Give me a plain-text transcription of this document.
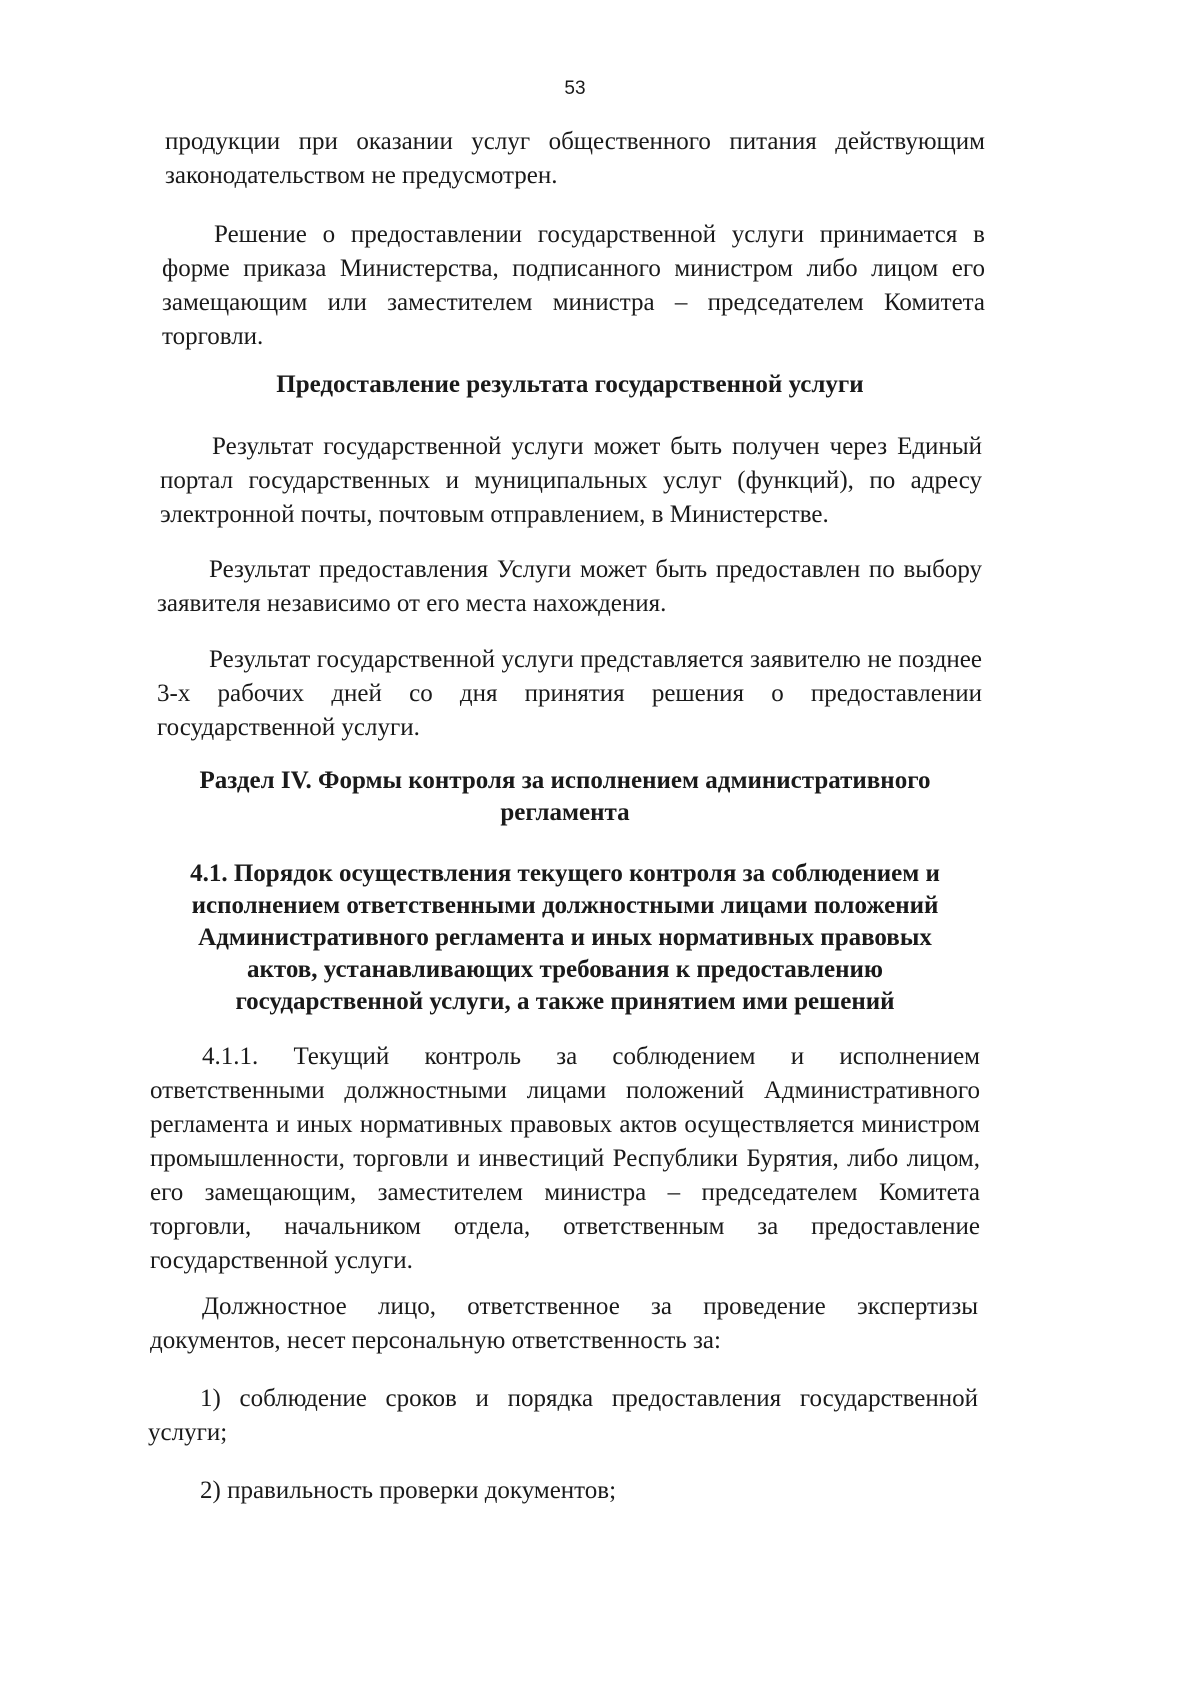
53

продукции при оказании услуг общественного питания действующим законодательством не предусмотрен.

Решение о предоставлении государственной услуги принимается в форме приказа Министерства, подписанного министром либо лицом его замещающим или заместителем министра – председателем Комитета торговли.

Предоставление результата государственной услуги

Результат государственной услуги может быть получен через Единый портал государственных и муниципальных услуг (функций), по адресу электронной почты, почтовым отправлением, в Министерстве.

Результат предоставления Услуги может быть предоставлен по выбору заявителя независимо от его места нахождения.

Результат государственной услуги представляется заявителю не позднее 3-х рабочих дней со дня принятия решения о предоставлении государственной услуги.

Раздел IV. Формы контроля за исполнением административного
регламента
4.1. Порядок осуществления текущего контроля за соблюдением и
исполнением ответственными должностными лицами положений
Административного регламента и иных нормативных правовых
актов, устанавливающих требования к предоставлению
государственной услуги, а также принятием ими решений

4.1.1. Текущий контроль за соблюдением и исполнением ответственными должностными лицами положений Административного регламента и иных нормативных правовых актов осуществляется министром промышленности, торговли и инвестиций Республики Бурятия, либо лицом, его замещающим, заместителем министра – председателем Комитета торговли, начальником отдела, ответственным за предоставление государственной услуги.

Должностное лицо, ответственное за проведение экспертизы документов, несет персональную ответственность за:

1) соблюдение сроков и порядка предоставления государственной услуги;

2) правильность проверки документов;
